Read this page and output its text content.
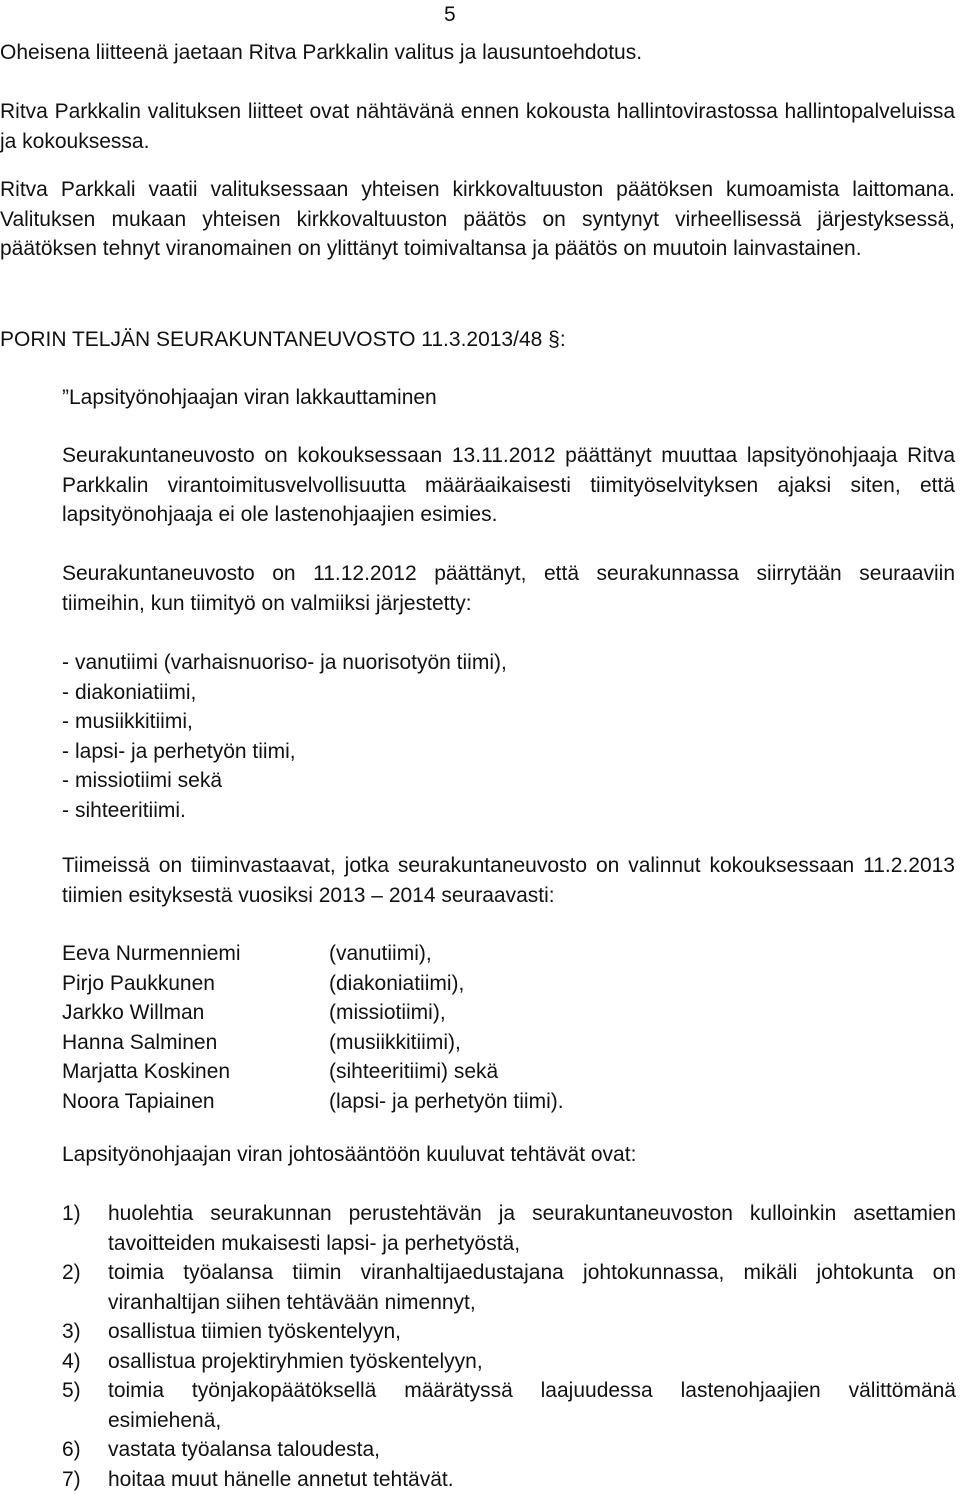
5

Oheisena liitteenä jaetaan Ritva Parkkalin valitus ja lausuntoehdotus.

Ritva Parkkalin valituksen liitteet ovat nähtävänä ennen kokousta hallintovirastossa hallintopalveluissa ja kokouksessa.

Ritva Parkkali vaatii valituksessaan yhteisen kirkkovaltuuston päätöksen kumoamista laittomana. Valituksen mukaan yhteisen kirkkovaltuuston päätös on syntynyt virheellisessä järjestyksessä, päätöksen tehnyt viranomainen on ylittänyt toimivaltansa ja päätös on muutoin lainvastainen.

PORIN TELJÄN SEURAKUNTANEUVOSTO 11.3.2013/48 §:

”Lapsityönohjaajan viran lakkauttaminen

Seurakuntaneuvosto on kokouksessaan 13.11.2012 päättänyt muuttaa lapsityönohjaaja Ritva Parkkalin virantoimitusvelvollisuutta määräaikaisesti tiimityöselvityksen ajaksi siten, että lapsityönohjaaja ei ole lastenohjaajien esimies.

Seurakuntaneuvosto on 11.12.2012 päättänyt, että seurakunnassa siirrytään seuraaviin tiimeihin, kun tiimityö on valmiiksi järjestetty:

- vanutiimi (varhaisnuoriso- ja nuorisotyön tiimi),
- diakoniatiimi,
- musiikkitiimi,
- lapsi- ja perhetyön tiimi,
- missiotiimi sekä
- sihteeritiimi.

Tiimeissä on tiiminvastaavat, jotka seurakuntaneuvosto on valinnut kokouksessaan 11.2.2013 tiimien esityksestä vuosiksi 2013 – 2014 seuraavasti:

Eeva Nurmenniemi	(vanutiimi),
Pirjo Paukkunen	(diakoniatiimi),
Jarkko Willman	(missiotiimi),
Hanna Salminen	(musiikkitiimi),
Marjatta Koskinen	(sihteeritiimi) sekä
Noora Tapiainen	(lapsi- ja perhetyön tiimi).

Lapsityönohjaajan viran johtosääntöön kuuluvat tehtävät ovat:

1) huolehtia seurakunnan perustehtävän ja seurakuntaneuvoston kulloinkin asettamien tavoitteiden mukaisesti lapsi- ja perhetyöstä,
2) toimia työalansa tiimin viranhaltijaedustajana johtokunnassa, mikäli johtokunta on viranhaltijan siihen tehtävään nimennyt,
3) osallistua tiimien työskentelyyn,
4) osallistua projektiryhmien työskentelyyn,
5) toimia työnjakopäätöksellä määrätyssä laajuudessa lastenohjaajien välittömänä esimiehenä,
6) vastata työalansa taloudesta,
7) hoitaa muut hänelle annetut tehtävät.
